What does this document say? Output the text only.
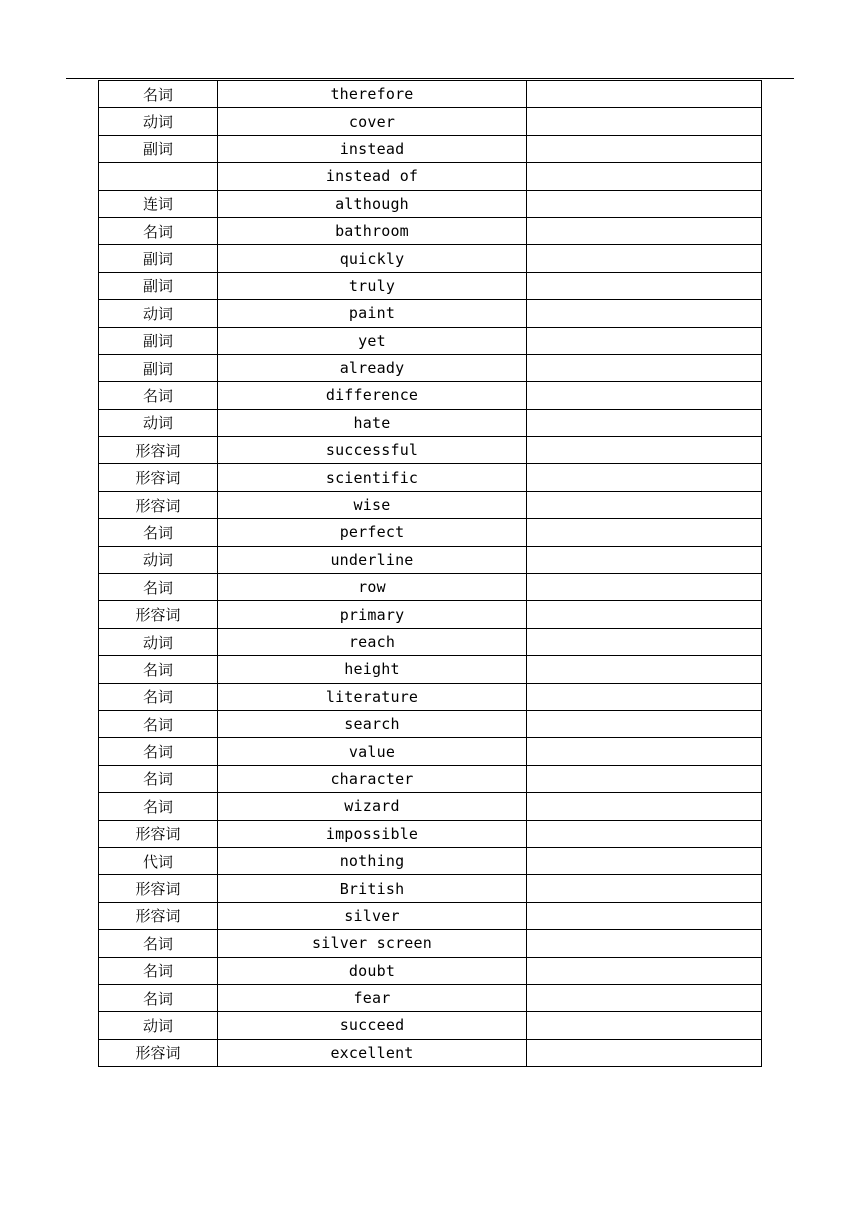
名词	therefore	
动词	cover	
副词	instead	
	instead of	
连词	although	
名词	bathroom	
副词	quickly	
副词	truly	
动词	paint	
副词	yet	
副词	already	
名词	difference	
动词	hate	
形容词	successful	
形容词	scientific	
形容词	wise	
名词	perfect	
动词	underline	
名词	row	
形容词	primary	
动词	reach	
名词	height	
名词	literature	
名词	search	
名词	value	
名词	character	
名词	wizard	
形容词	impossible	
代词	nothing	
形容词	British	
形容词	silver	
名词	silver screen	
名词	doubt	
名词	fear	
动词	succeed	
形容词	excellent	
